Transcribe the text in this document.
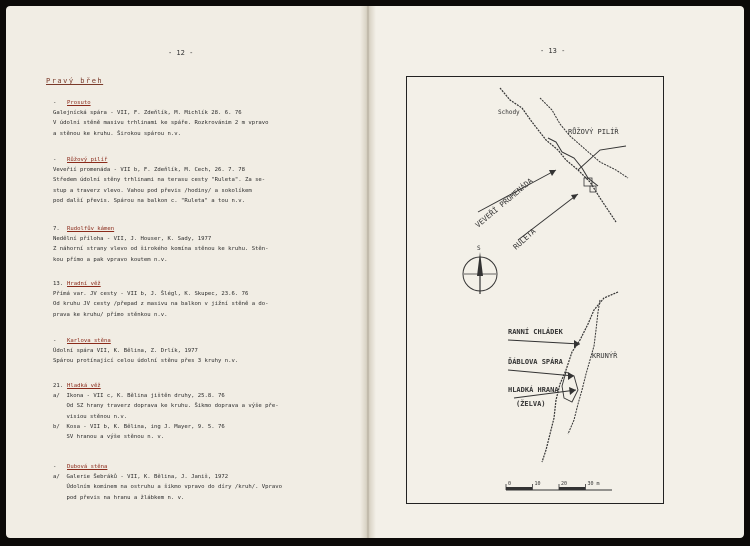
- 12 -
Pravý břeh
- Prosuto
Galejnícká spára - VII, F. Zdeňlík, M. Michlík 28. 6. 76
V údolní stěně masivu trhlinami ke spáře. Rozkrovánim 2 m vpravo
a stěnou ke kruhu. Širokou spárou n.v.
- Růžový pilíř
Veveřií promenáda - VII b, F. Zdeňlík, M. Cech, 26. 7. 78
Středem údolní stěny trhlinami na terasu cesty "Ruleta". Za se-
stup a traverz vlevo. Vahou pod převis /hodiny/ a sokolíkem
pod další převis. Spárou na balkon c. "Ruleta" a tou n.v.
7. Rudolfův kámen
Nedělní příloha - VII, J. Houser, K. Sady, 1977
Z náhorní strany vlevo od širokého komína stěnou ke kruhu. Stěn-
kou přímo a pak vpravo koutem n.v.
13. Hradní věž
Přímá var. JV cesty - VII b, J. Šlégl, K. Skupec, 23.6. 76
Od kruhu JV cesty /přepad z masivu na balkon v jižní stěně a do-
prava ke kruhu/ přímo stěnkou n.v.
- Karlova stěna
Údolní spára VII, K. Bělina, Z. Drlík, 1977
Spárou protínající celou údolní stěnu přes 3 kruhy n.v.
21. Hladká věž
a/  Ikona - VII c, K. Bělina jištěn druhy, 25.8. 76
Od SZ hrany traverz doprava ke kruhu. Šikmo doprava a výše pře-
visiou stěnou n.v.
b/  Kosa - VII b, K. Bělina, ing J. Mayer, 9. 5. 76
SV hranou a výše stěnou n. v.
- Dubová stěna
a/  Galerie Šebráků - VII, K. Bělina, J. Janiš, 1972
Údolním komínem na ostruhu a šikmo vpravo do díry /kruh/. Vpravo
pod převis na hranu a žlábkem n. v.
- 13 -
Schody
RŮŽOVÝ PILÍŘ
VEVEŘÍ PROMENÁDA
RULETA
S
RANNÍ CHLÁDEK
ĎÁBLOVA SPÁRA
HLADKÁ HRANA
(ŽELVA)
KRUNÝŘ
0	10	20	30 m
